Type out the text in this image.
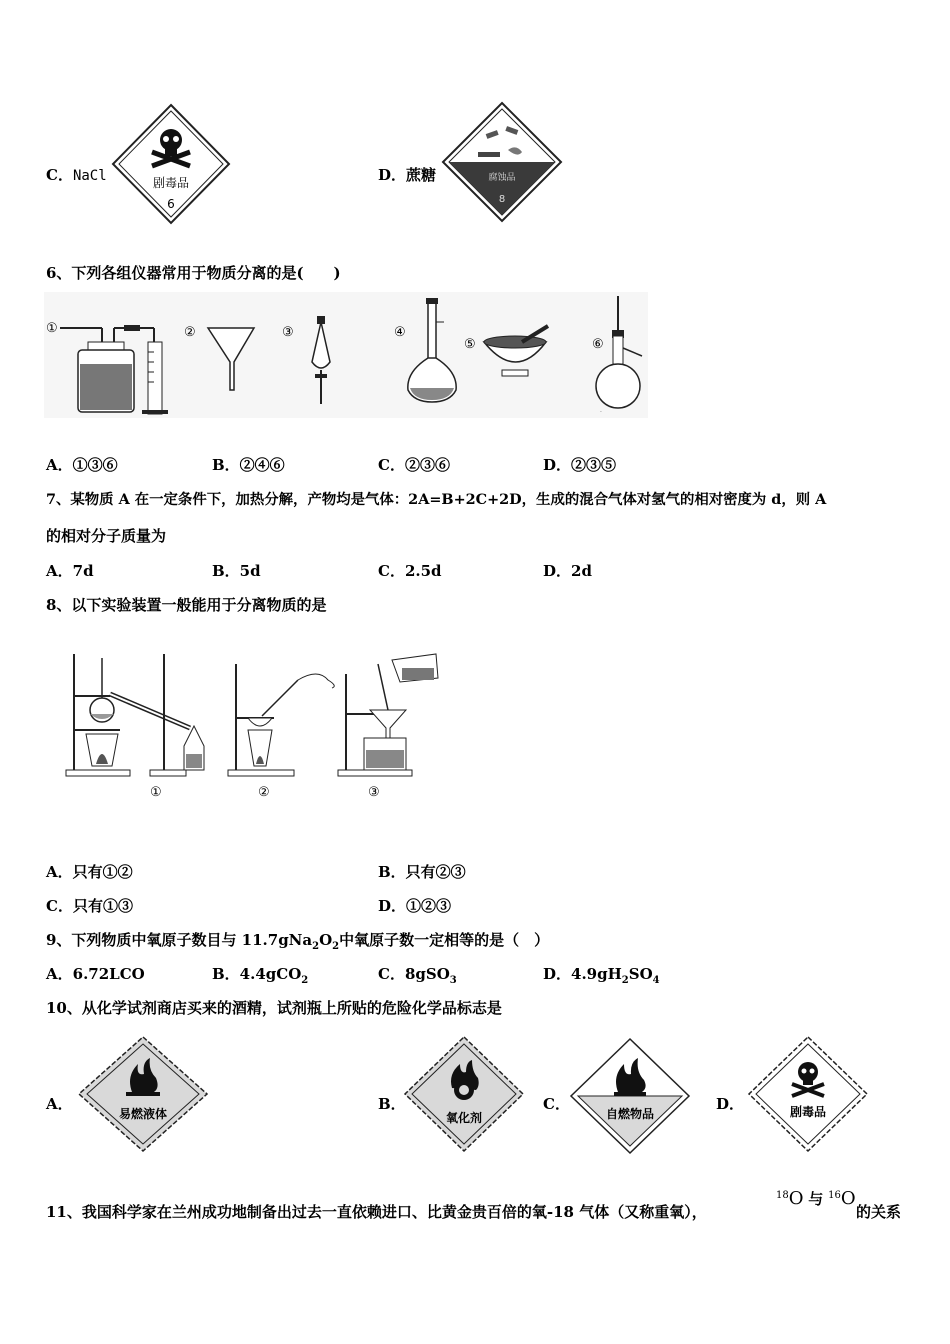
C．NaCl	剧毒品
6
D．蔗糖	腐蚀品
8
6、下列各组仪器常用于物质分离的是(　　)
①	②	③	④
⑤	⑥
·
A．①③⑥	B．②④⑥	C．②③⑥	D．②③⑤
7、某物质 A 在一定条件下，加热分解，产物均是气体：2A=B+2C+2D，生成的混合气体对氢气的相对密度为 d，则 A
的相对分子质量为
A．7d	B．5d	C．2.5d	D．2d
8、以下实验装置一般能用于分离物质的是
①	②	③
A．只有①②	B．只有②③
C．只有①③	D．①②③
9、下列物质中氧原子数目与 $11.7gNa_2O_2$中氧原子数一定相等的是（　）
A．6.72LCO	B．4.4gCO$_2$	C．8gSO$_3$	D．$4.9gH_2SO_4$
10、从化学试剂商店买来的酒精，试剂瓶上所贴的危险化学品标志是
A．
易燃液体
B．
氧化剂
C．
自燃物品
D．	剧毒品
11、我国科学家在兰州成功地制备出过去一直依赖进口、比黄金贵百倍的氧-18 气体（又称重氧），
$^{18}$O 与 $^{16}$O
的关系
